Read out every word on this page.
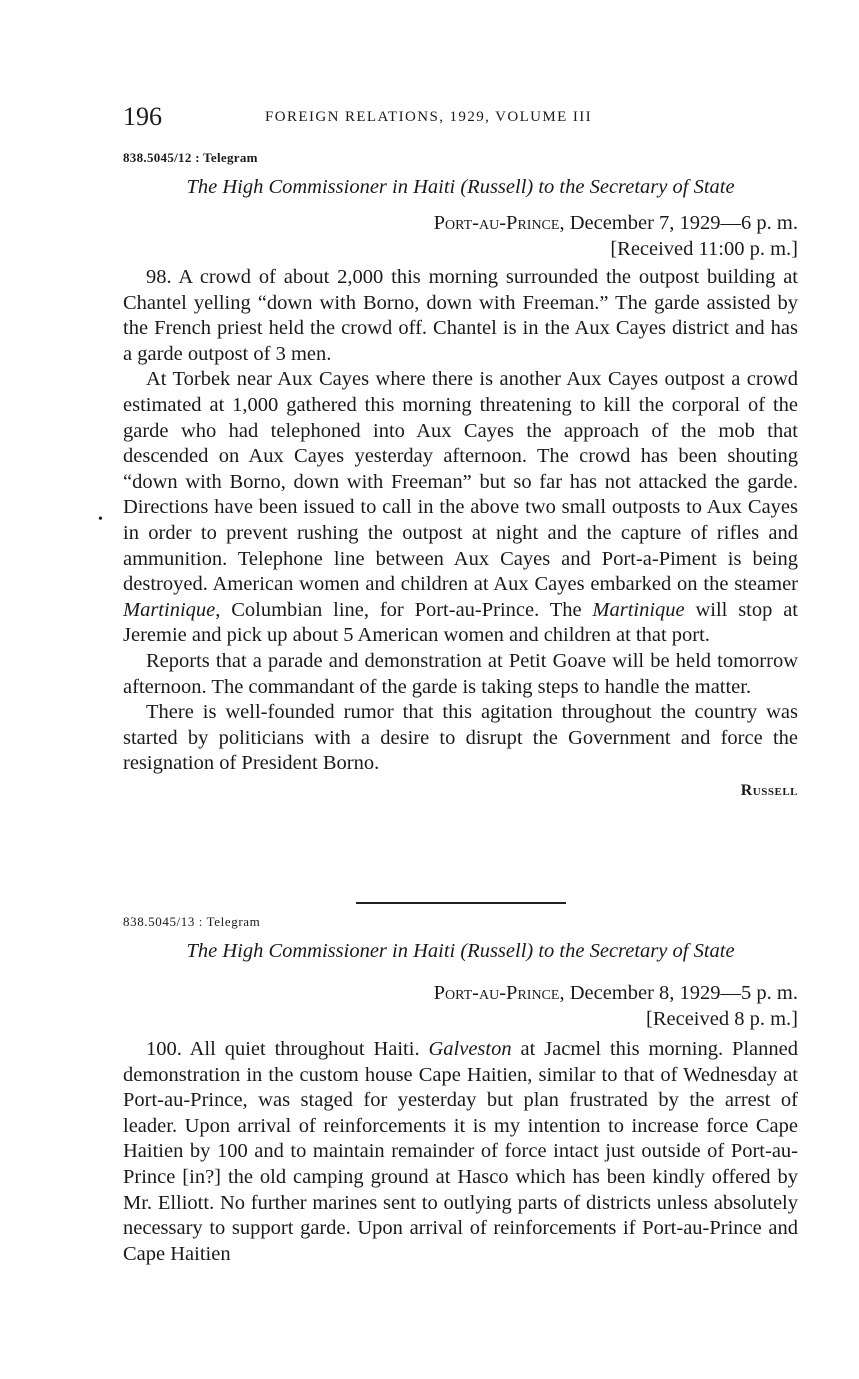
196	FOREIGN RELATIONS, 1929, VOLUME III
838.5045/12 : Telegram
The High Commissioner in Haiti (Russell) to the Secretary of State
Port-au-Prince, December 7, 1929—6 p. m.
[Received 11:00 p. m.]

98. A crowd of about 2,000 this morning surrounded the outpost building at Chantel yelling “down with Borno, down with Freeman.” The garde assisted by the French priest held the crowd off. Chantel is in the Aux Cayes district and has a garde outpost of 3 men.

At Torbek near Aux Cayes where there is another Aux Cayes outpost a crowd estimated at 1,000 gathered this morning threatening to kill the corporal of the garde who had telephoned into Aux Cayes the approach of the mob that descended on Aux Cayes yesterday afternoon. The crowd has been shouting “down with Borno, down with Freeman” but so far has not attacked the garde. Directions have been issued to call in the above two small outposts to Aux Cayes in order to prevent rushing the outpost at night and the capture of rifles and ammunition. Telephone line between Aux Cayes and Port-a-Piment is being destroyed. American women and children at Aux Cayes embarked on the steamer Martinique, Columbian line, for Port-au-Prince. The Martinique will stop at Jeremie and pick up about 5 American women and children at that port.

Reports that a parade and demonstration at Petit Goave will be held tomorrow afternoon. The commandant of the garde is taking steps to handle the matter.

There is well-founded rumor that this agitation throughout the country was started by politicians with a desire to disrupt the Government and force the resignation of President Borno.

Russell
838.5045/13 : Telegram
The High Commissioner in Haiti (Russell) to the Secretary of State
Port-au-Prince, December 8, 1929—5 p. m.
[Received 8 p. m.]

100. All quiet throughout Haiti. Galveston at Jacmel this morning. Planned demonstration in the custom house Cape Haitien, similar to that of Wednesday at Port-au-Prince, was staged for yesterday but plan frustrated by the arrest of leader. Upon arrival of reinforcements it is my intention to increase force Cape Haitien by 100 and to maintain remainder of force intact just outside of Port-au-Prince [in?] the old camping ground at Hasco which has been kindly offered by Mr. Elliott. No further marines sent to outlying parts of districts unless absolutely necessary to support garde. Upon arrival of reinforcements if Port-au-Prince and Cape Haitien

•
